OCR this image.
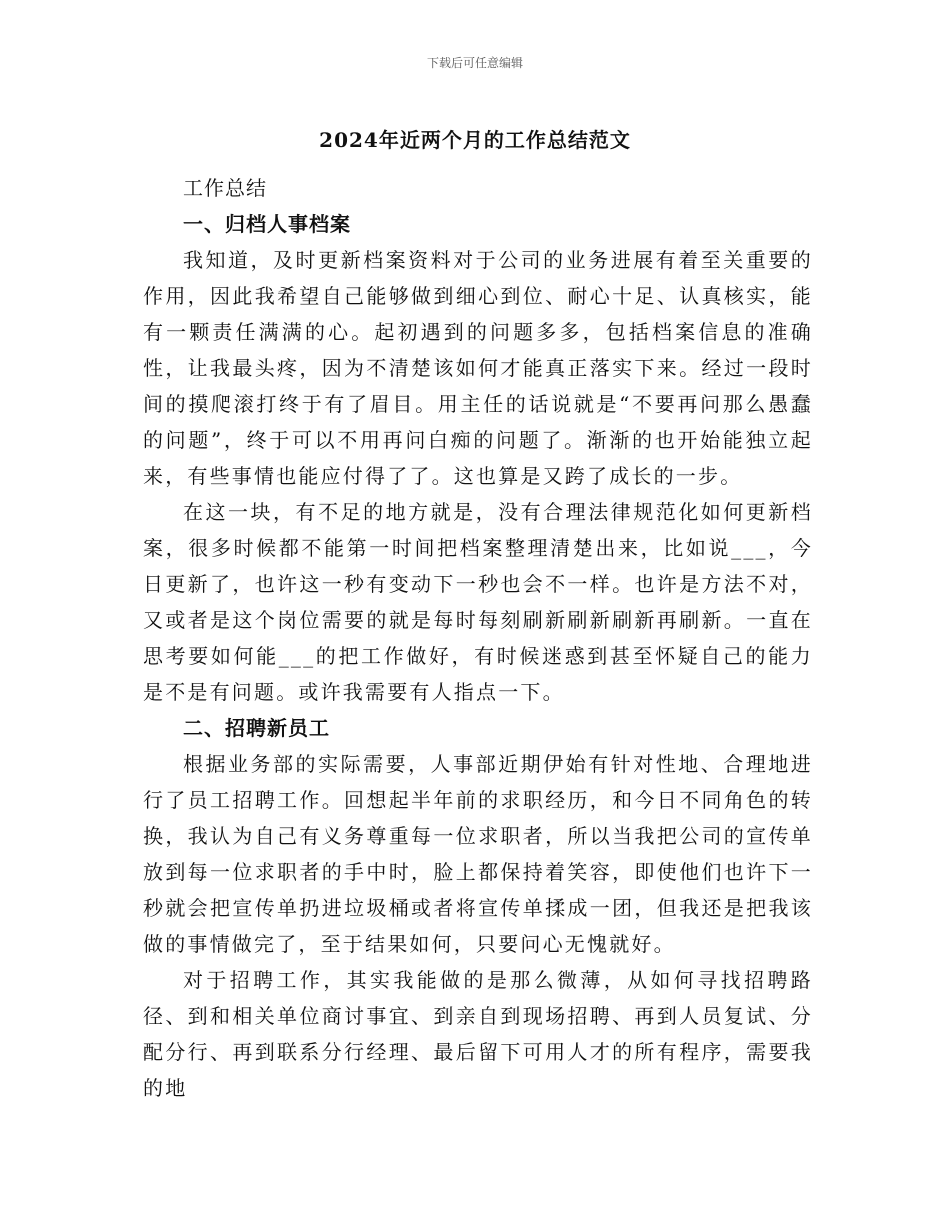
下载后可任意编辑
2024年近两个月的工作总结范文

工作总结

一、归档人事档案

我知道，及时更新档案资料对于公司的业务进展有着至关重要的作用，因此我希望自己能够做到细心到位、耐心十足、认真核实，能有一颗责任满满的心。起初遇到的问题多多，包括档案信息的准确性，让我最头疼，因为不清楚该如何才能真正落实下来。经过一段时间的摸爬滚打终于有了眉目。用主任的话说就是“不要再问那么愚蠢的问题”，终于可以不用再问白痴的问题了。渐渐的也开始能独立起来，有些事情也能应付得了了。这也算是又跨了成长的一步。

在这一块，有不足的地方就是，没有合理法律规范化如何更新档案，很多时候都不能第一时间把档案整理清楚出来，比如说___，今日更新了，也许这一秒有变动下一秒也会不一样。也许是方法不对，又或者是这个岗位需要的就是每时每刻刷新刷新刷新再刷新。一直在思考要如何能___的把工作做好，有时候迷惑到甚至怀疑自己的能力是不是有问题。或许我需要有人指点一下。

二、招聘新员工

根据业务部的实际需要，人事部近期伊始有针对性地、合理地进行了员工招聘工作。回想起半年前的求职经历，和今日不同角色的转换，我认为自己有义务尊重每一位求职者，所以当我把公司的宣传单放到每一位求职者的手中时，脸上都保持着笑容，即使他们也许下一秒就会把宣传单扔进垃圾桶或者将宣传单揉成一团，但我还是把我该做的事情做完了，至于结果如何，只要问心无愧就好。

对于招聘工作，其实我能做的是那么微薄，从如何寻找招聘路径、到和相关单位商讨事宜、到亲自到现场招聘、再到人员复试、分配分行、再到联系分行经理、最后留下可用人才的所有程序，需要我的地
